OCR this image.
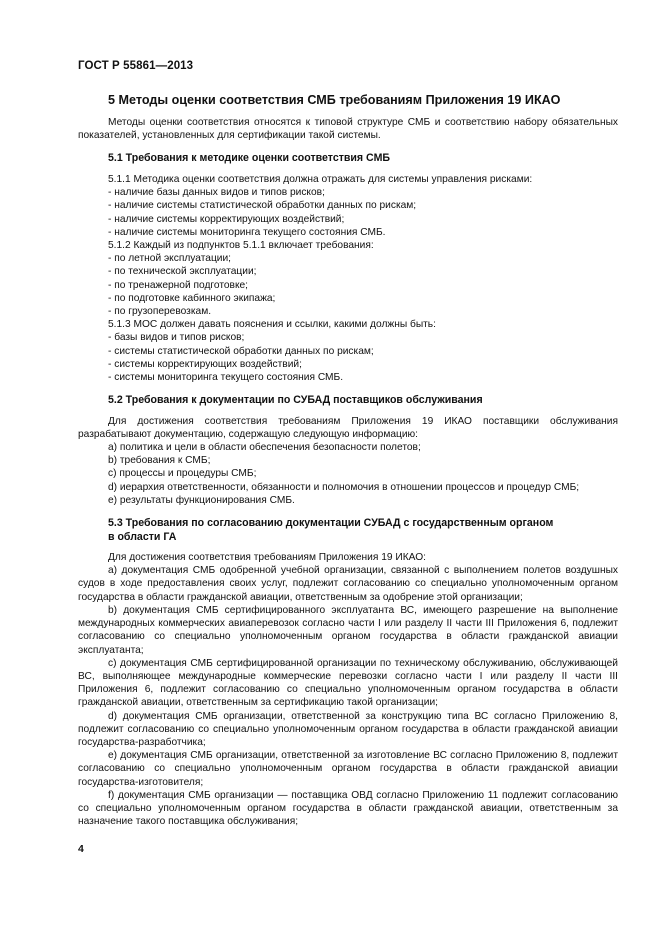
ГОСТ Р 55861—2013
5 Методы оценки соответствия СМБ требованиям Приложения 19 ИКАО

Методы оценки соответствия относятся к типовой структуре СМБ и соответствию набору обязательных показателей, установленных для сертификации такой системы.

5.1 Требования к методике оценки соответствия СМБ

5.1.1 Методика оценки соответствия должна отражать для системы управления рисками:

- наличие базы данных видов и типов рисков;

- наличие системы статистической обработки данных по рискам;

- наличие системы корректирующих воздействий;

- наличие системы мониторинга текущего состояния СМБ.

5.1.2 Каждый из подпунктов 5.1.1 включает требования:

- по летной эксплуатации;

- по технической эксплуатации;

- по тренажерной подготовке;

- по подготовке кабинного экипажа;

- по грузоперевозкам.

5.1.3 МОС должен давать пояснения и ссылки, какими должны быть:

- базы видов и типов рисков;

- системы статистической обработки данных по рискам;

- системы корректирующих воздействий;

- системы мониторинга текущего состояния СМБ.

5.2 Требования к документации по СУБАД поставщиков обслуживания

Для достижения соответствия требованиям Приложения 19 ИКАО поставщики обслуживания разрабатывают документацию, содержащую следующую информацию:

a) политика и цели в области обеспечения безопасности полетов;

b) требования к СМБ;

c) процессы и процедуры СМБ;

d) иерархия ответственности, обязанности и полномочия в отношении процессов и процедур СМБ;

e) результаты функционирования СМБ.

5.3 Требования по согласованию документации СУБАД с государственным органом
в области ГА

Для достижения соответствия требованиям Приложения 19 ИКАО:

a) документация СМБ одобренной учебной организации, связанной с выполнением полетов воздушных судов в ходе предоставления своих услуг, подлежит согласованию со специально уполномоченным органом государства в области гражданской авиации, ответственным за одобрение этой организации;

b) документация СМБ сертифицированного эксплуатанта ВС, имеющего разрешение на выполнение международных коммерческих авиаперевозок согласно части I или разделу II части III Приложения 6, подлежит согласованию со специально уполномоченным органом государства в области гражданской авиации эксплуатанта;

c) документация СМБ сертифицированной организации по техническому обслуживанию, обслуживающей ВС, выполняющее международные коммерческие перевозки согласно части I или разделу II части III Приложения 6, подлежит согласованию со специально уполномоченным органом государства в области гражданской авиации, ответственным за сертификацию такой организации;

d) документация СМБ организации, ответственной за конструкцию типа ВС согласно Приложению 8, подлежит согласованию со специально уполномоченным органом государства в области гражданской авиации государства-разработчика;

e) документация СМБ организации, ответственной за изготовление ВС согласно Приложению 8, подлежит согласованию со специально уполномоченным органом государства в области гражданской авиации государства-изготовителя;

f) документация СМБ организации — поставщика ОВД согласно Приложению 11 подлежит согласованию со специально уполномоченным органом государства в области гражданской авиации, ответственным за назначение такого поставщика обслуживания;

4
